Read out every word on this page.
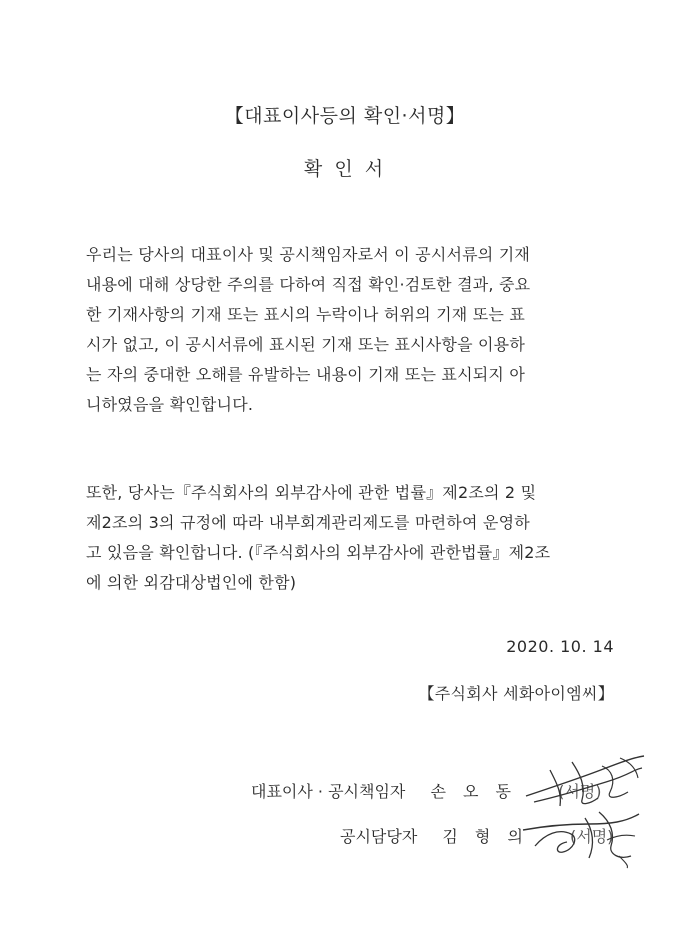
【대표이사등의 확인·서명】
확 인 서
우리는 당사의 대표이사 및 공시책임자로서 이 공시서류의 기재
내용에 대해 상당한 주의를 다하여 직접 확인·검토한 결과, 중요
한 기재사항의 기재 또는 표시의 누락이나 허위의 기재 또는 표
시가 없고, 이 공시서류에 표시된 기재 또는 표시사항을 이용하
는 자의 중대한 오해를 유발하는 내용이 기재 또는 표시되지 아
니하였음을 확인합니다.
또한, 당사는『주식회사의 외부감사에 관한 법률』제2조의 2 및
제2조의 3의 규정에 따라 내부회계관리제도를 마련하여 운영하
고 있음을 확인합니다. (『주식회사의 외부감사에 관한법률』제2조
에 의한 외감대상법인에 한함)
2020. 10. 14
【주식회사 세화아이엠씨】
대표이사 · 공시책임자 손 오 동	(서명)
공시담당자 김 형 의	(서명)
